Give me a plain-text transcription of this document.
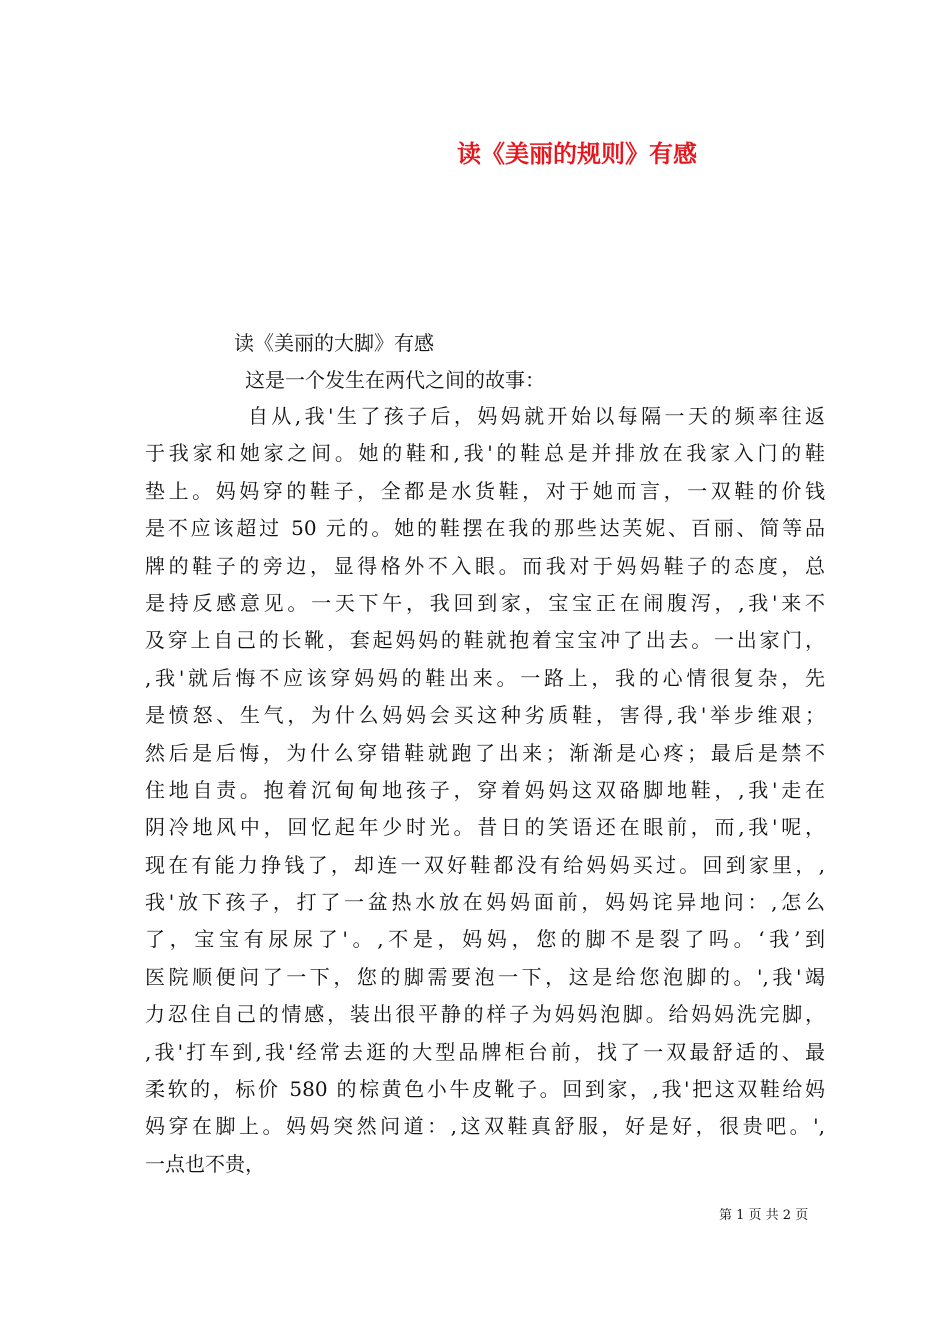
读《美丽的规则》有感
读《美丽的大脚》有感
这是一个发生在两代之间的故事：
自从,我'生了孩子后，妈妈就开始以每隔一天的频率往返
于我家和她家之间。她的鞋和,我'的鞋总是并排放在我家入门的鞋
垫上。妈妈穿的鞋子，全都是水货鞋，对于她而言，一双鞋的价钱
是不应该超过 50 元的。她的鞋摆在我的那些达芙妮、百丽、简等品
牌的鞋子的旁边，显得格外不入眼。而我对于妈妈鞋子的态度，总
是持反感意见。一天下午，我回到家，宝宝正在闹腹泻，,我'来不
及穿上自己的长靴，套起妈妈的鞋就抱着宝宝冲了出去。一出家门，
,我'就后悔不应该穿妈妈的鞋出来。一路上，我的心情很复杂，先
是愤怒、生气，为什么妈妈会买这种劣质鞋，害得,我'举步维艰；
然后是后悔，为什么穿错鞋就跑了出来；渐渐是心疼；最后是禁不
住地自责。抱着沉甸甸地孩子，穿着妈妈这双硌脚地鞋，,我'走在
阴冷地风中，回忆起年少时光。昔日的笑语还在眼前，而,我'呢，
现在有能力挣钱了，却连一双好鞋都没有给妈妈买过。回到家里，,
我'放下孩子，打了一盆热水放在妈妈面前，妈妈诧异地问：,怎么
了，宝宝有尿尿了'。,不是，妈妈，您的脚不是裂了吗。‘我’到
医院顺便问了一下，您的脚需要泡一下，这是给您泡脚的。',我'竭
力忍住自己的情感，装出很平静的样子为妈妈泡脚。给妈妈洗完脚，
,我'打车到,我'经常去逛的大型品牌柜台前，找了一双最舒适的、最
柔软的，标价 580 的棕黄色小牛皮靴子。回到家，,我'把这双鞋给妈
妈穿在脚上。妈妈突然问道：,这双鞋真舒服，好是好，很贵吧。',
一点也不贵，
第 1 页 共 2 页
